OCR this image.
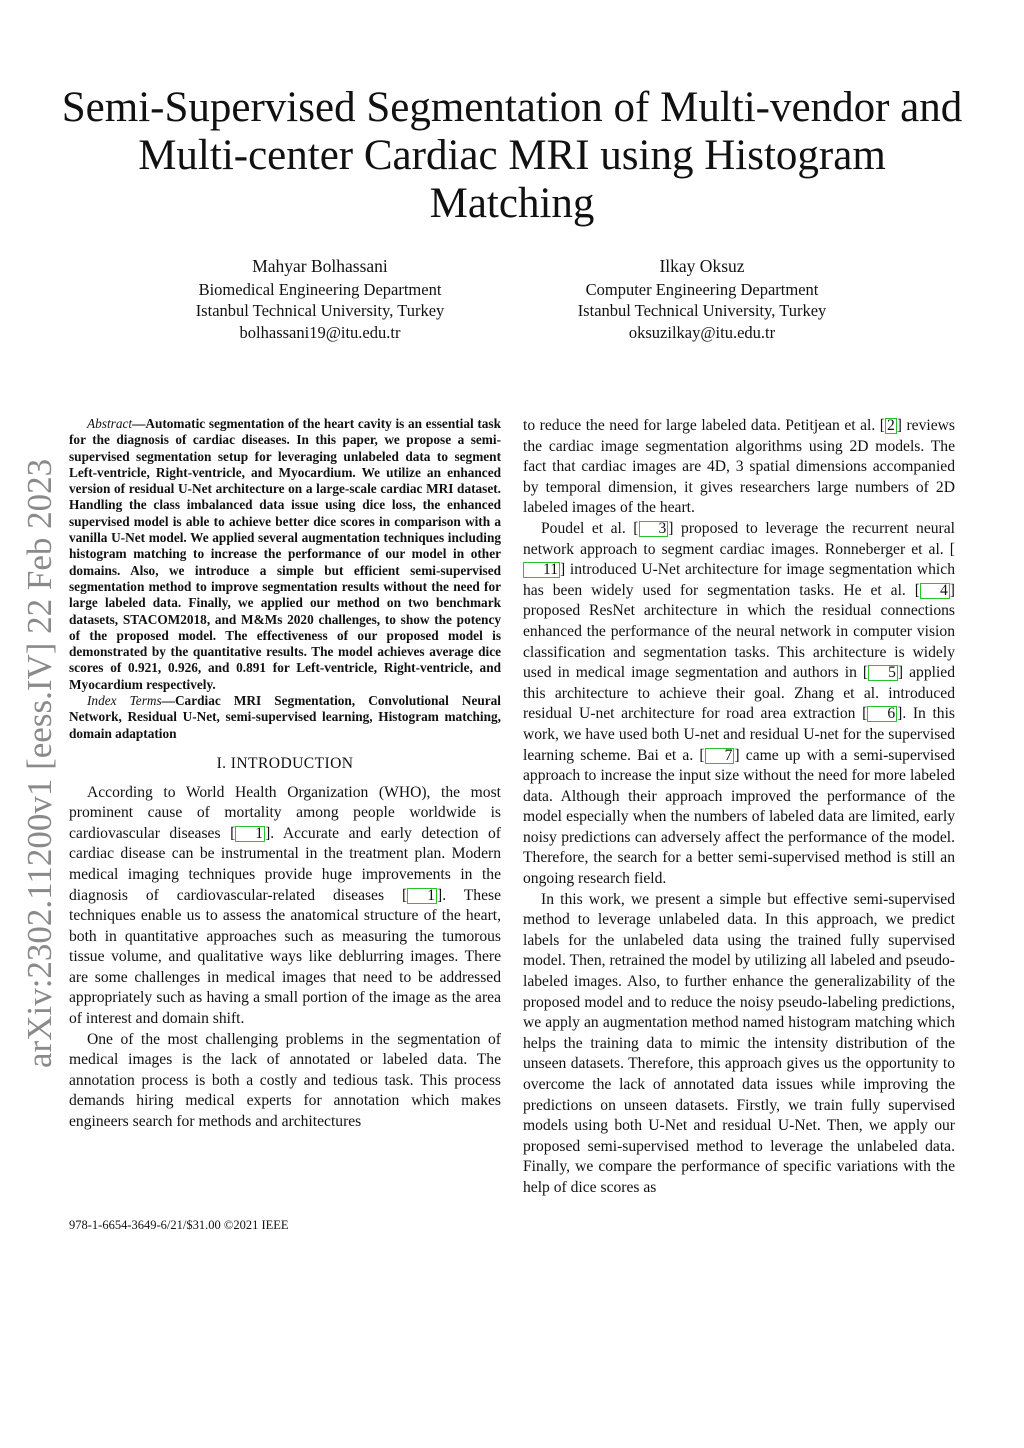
arXiv:2302.11200v1 [eess.IV] 22 Feb 2023
Semi-Supervised Segmentation of Multi-vendor and
Multi-center Cardiac MRI using Histogram
Matching
Mahyar Bolhassani
Biomedical Engineering Department
Istanbul Technical University, Turkey
bolhassani19@itu.edu.tr
Ilkay Oksuz
Computer Engineering Department
Istanbul Technical University, Turkey
oksuzilkay@itu.edu.tr

Abstract—Automatic segmentation of the heart cavity is an essential task for the diagnosis of cardiac diseases. In this paper, we propose a semi-supervised segmentation setup for leveraging unlabeled data to segment Left-ventricle, Right-ventricle, and Myocardium. We utilize an enhanced version of residual U-Net architecture on a large-scale cardiac MRI dataset. Handling the class imbalanced data issue using dice loss, the enhanced supervised model is able to achieve better dice scores in comparison with a vanilla U-Net model. We applied several augmentation techniques including histogram matching to increase the performance of our model in other domains. Also, we introduce a simple but efficient semi-supervised segmentation method to improve segmentation results without the need for large labeled data. Finally, we applied our method on two benchmark datasets, STACOM2018, and M&Ms 2020 challenges, to show the potency of the proposed model. The effectiveness of our proposed model is demonstrated by the quantitative results. The model achieves average dice scores of 0.921, 0.926, and 0.891 for Left-ventricle, Right-ventricle, and Myocardium respectively.

Index Terms—Cardiac MRI Segmentation, Convolutional Neural Network, Residual U-Net, semi-supervised learning, Histogram matching, domain adaptation

I. INTRODUCTION

According to World Health Organization (WHO), the most prominent cause of mortality among people worldwide is cardiovascular diseases [ 1 ]. Accurate and early detection of cardiac disease can be instrumental in the treatment plan. Modern medical imaging techniques provide huge improvements in the diagnosis of cardiovascular-related diseases [ 1 ]. These techniques enable us to assess the anatomical structure of the heart, both in quantitative approaches such as measuring the tumorous tissue volume, and qualitative ways like deblurring images. There are some challenges in medical images that need to be addressed appropriately such as having a small portion of the image as the area of interest and domain shift.

One of the most challenging problems in the segmentation of medical images is the lack of annotated or labeled data. The annotation process is both a costly and tedious task. This process demands hiring medical experts for annotation which makes engineers search for methods and architectures

to reduce the need for large labeled data. Petitjean et al. [ 2 ] reviews the cardiac image segmentation algorithms using 2D models. The fact that cardiac images are 4D, 3 spatial dimensions accompanied by temporal dimension, it gives researchers large numbers of 2D labeled images of the heart.

Poudel et al. [ 3 ] proposed to leverage the recurrent neural network approach to segment cardiac images. Ronneberger et al. [11 ] introduced U-Net architecture for image segmentation which has been widely used for segmentation tasks. He et al. [ 4 ] proposed ResNet architecture in which the residual connections enhanced the performance of the neural network in computer vision classification and segmentation tasks. This architecture is widely used in medical image segmentation and authors in [ 5 ] applied this architecture to achieve their goal. Zhang et al. introduced residual U-net architecture for road area extraction [ 6 ]. In this work, we have used both U-net and residual U-net for the supervised learning scheme. Bai et a. [ 7 ] came up with a semi-supervised approach to increase the input size without the need for more labeled data. Although their approach improved the performance of the model especially when the numbers of labeled data are limited, early noisy predictions can adversely affect the performance of the model. Therefore, the search for a better semi-supervised method is still an ongoing research field.

In this work, we present a simple but effective semi-supervised method to leverage unlabeled data. In this approach, we predict labels for the unlabeled data using the trained fully supervised model. Then, retrained the model by utilizing all labeled and pseudo-labeled images. Also, to further enhance the generalizability of the proposed model and to reduce the noisy pseudo-labeling predictions, we apply an augmentation method named histogram matching which helps the training data to mimic the intensity distribution of the unseen datasets. Therefore, this approach gives us the opportunity to overcome the lack of annotated data issues while improving the predictions on unseen datasets. Firstly, we train fully supervised models using both U-Net and residual U-Net. Then, we apply our proposed semi-supervised method to leverage the unlabeled data. Finally, we compare the performance of specific variations with the help of dice scores as

978-1-6654-3649-6/21/$31.00 ©2021 IEEE
